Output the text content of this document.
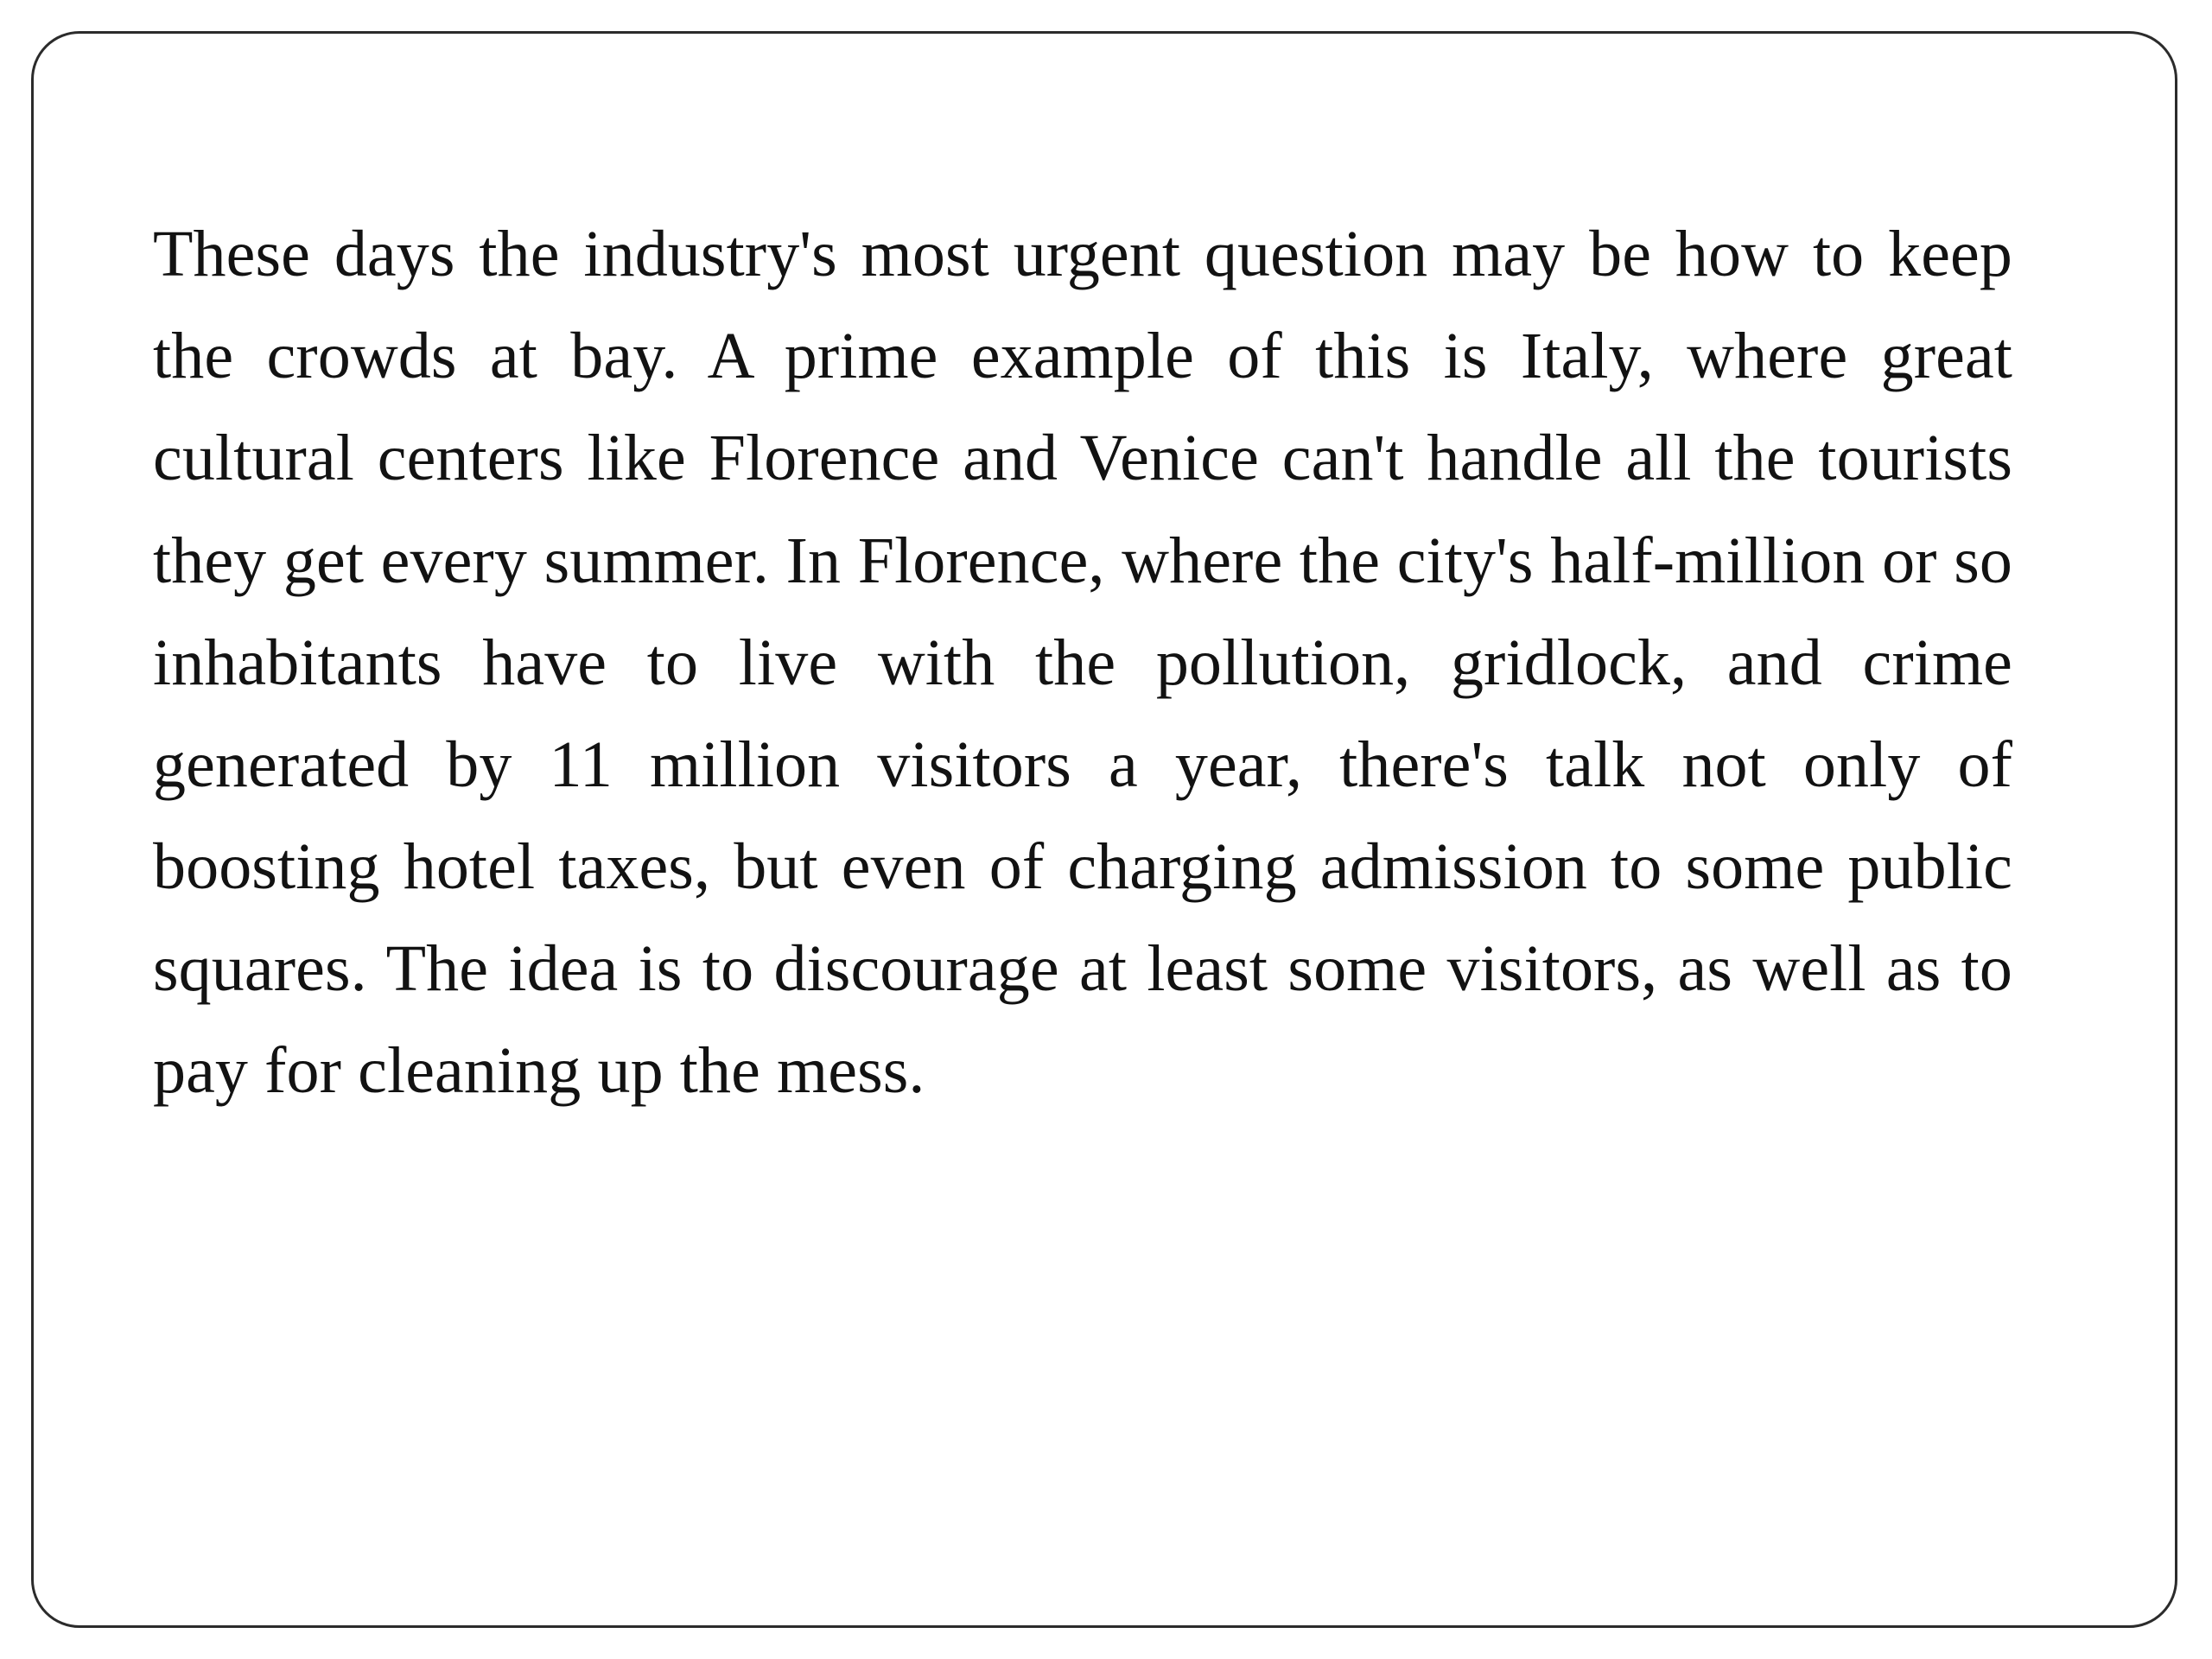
These days the industry's most urgent question may be how to keep the crowds at bay. A prime example of this is Italy, where great cultural centers like Florence and Venice can't handle all the tourists they get every summer. In Florence, where the city's half-million or so inhabitants have to live with the pollution, gridlock, and crime generated by 11 million visitors a year, there's talk not only of boosting hotel taxes, but even of charging admission to some public squares. The idea is to discourage at least some visitors, as well as to pay for cleaning up the mess.
